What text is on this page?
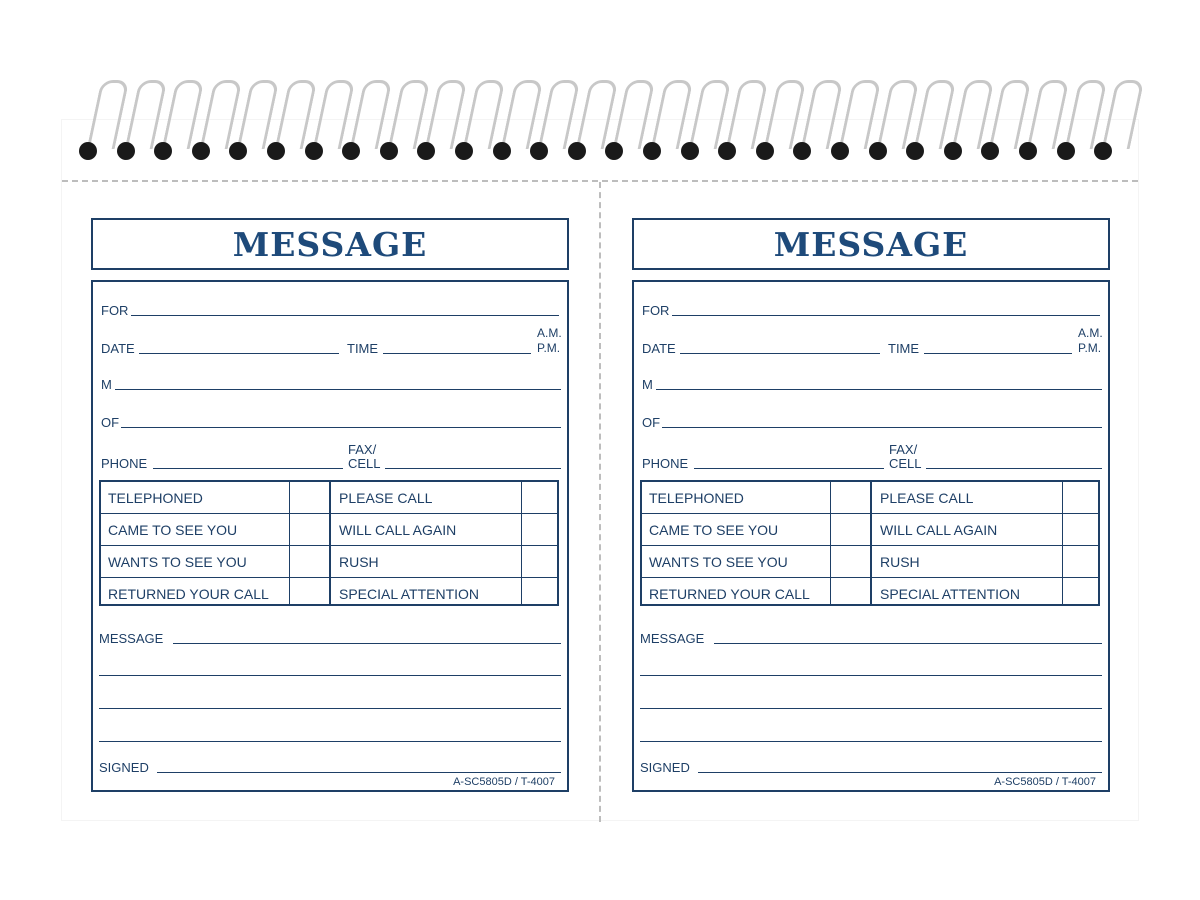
MESSAGE
FOR
DATE	TIME
A.M.
P.M.
M
OF
PHONE
FAX/
CELL
TELEPHONED	PLEASE CALL
CAME TO SEE YOU	WILL CALL AGAIN
WANTS TO SEE YOU	RUSH
RETURNED YOUR CALL	SPECIAL ATTENTION
MESSAGE
SIGNED
A-SC5805D / T-4007
MESSAGE
FOR
DATE	TIME
A.M.
P.M.
M
OF
PHONE
FAX/
CELL
TELEPHONED	PLEASE CALL
CAME TO SEE YOU	WILL CALL AGAIN
WANTS TO SEE YOU	RUSH
RETURNED YOUR CALL	SPECIAL ATTENTION
MESSAGE
SIGNED
A-SC5805D / T-4007
